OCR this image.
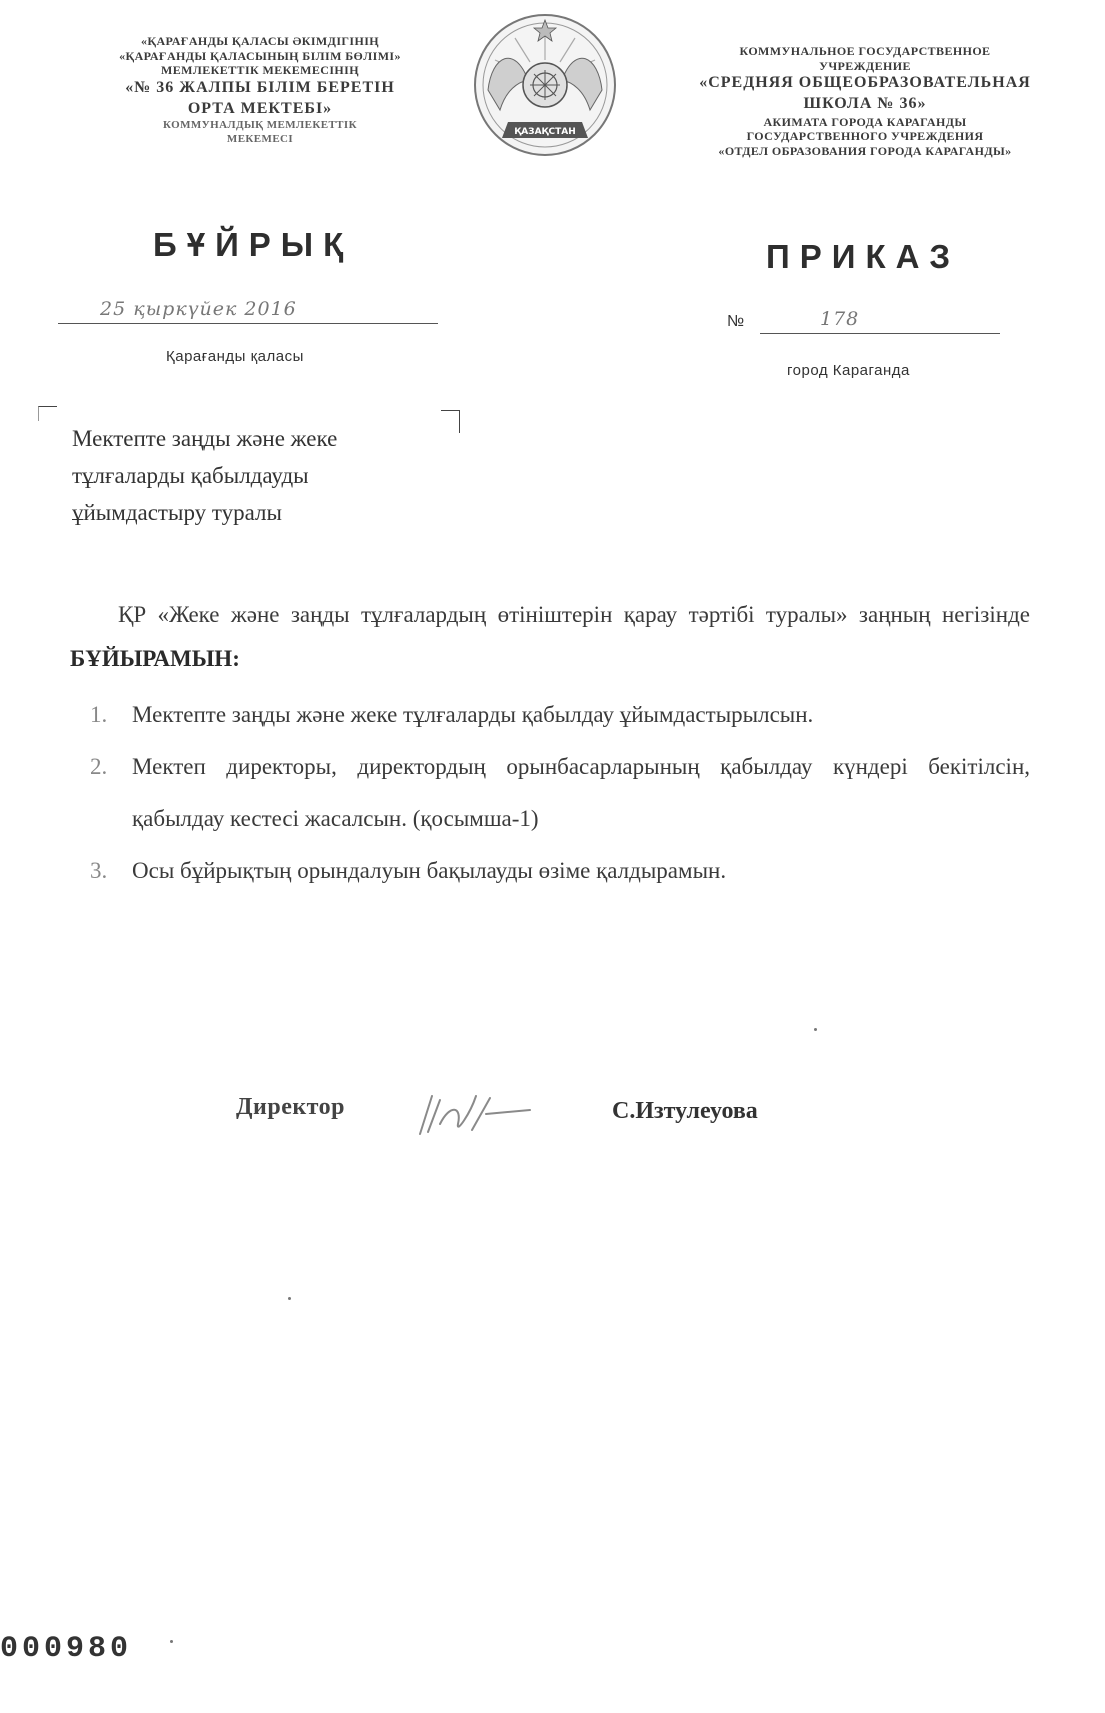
«ҚАРАҒАНДЫ ҚАЛАСЫ ӘКІМДІГІНІҢ
«ҚАРАҒАНДЫ ҚАЛАСЫНЫҢ БІЛІМ БӨЛІМІ»
МЕМЛЕКЕТТІК МЕКЕМЕСІНІҢ
«№ 36 ЖАЛПЫ БІЛІМ БЕРЕТІН
ОРТА МЕКТЕБІ»
КОММУНАЛДЫҚ МЕМЛЕКЕТТІК
МЕКЕМЕСІ
ҚАЗАҚСТАН
КОММУНАЛЬНОЕ ГОСУДАРСТВЕННОЕ
УЧРЕЖДЕНИЕ
«СРЕДНЯЯ ОБЩЕОБРАЗОВАТЕЛЬНАЯ
ШКОЛА № 36»
АКИМАТА ГОРОДА КАРАГАНДЫ
ГОСУДАРСТВЕННОГО УЧРЕЖДЕНИЯ
«ОТДЕЛ ОБРАЗОВАНИЯ ГОРОДА КАРАГАНДЫ»
БҰЙРЫҚ	ПРИКАЗ
25 қыркүйек 2016
№	178
Қарағанды қаласы
город Караганда
Мектепте заңды және жеке
тұлғаларды қабылдауды
ұйымдастыру туралы

ҚР «Жеке және заңды тұлғалардың өтініштерін қарау тәртібі туралы» заңның негізінде БҰЙЫРАМЫН:

1. Мектепте заңды және жеке тұлғаларды қабылдау ұйымдастырылсын.
2. Мектеп директоры, директордың орынбасарларының қабылдау күндері бекітілсін, қабылдау кестесі жасалсын. (қосымша-1)
3. Осы бұйрықтың орындалуын бақылауды өзіме қалдырамын.
Директор	С.Изтулеуова
000980
